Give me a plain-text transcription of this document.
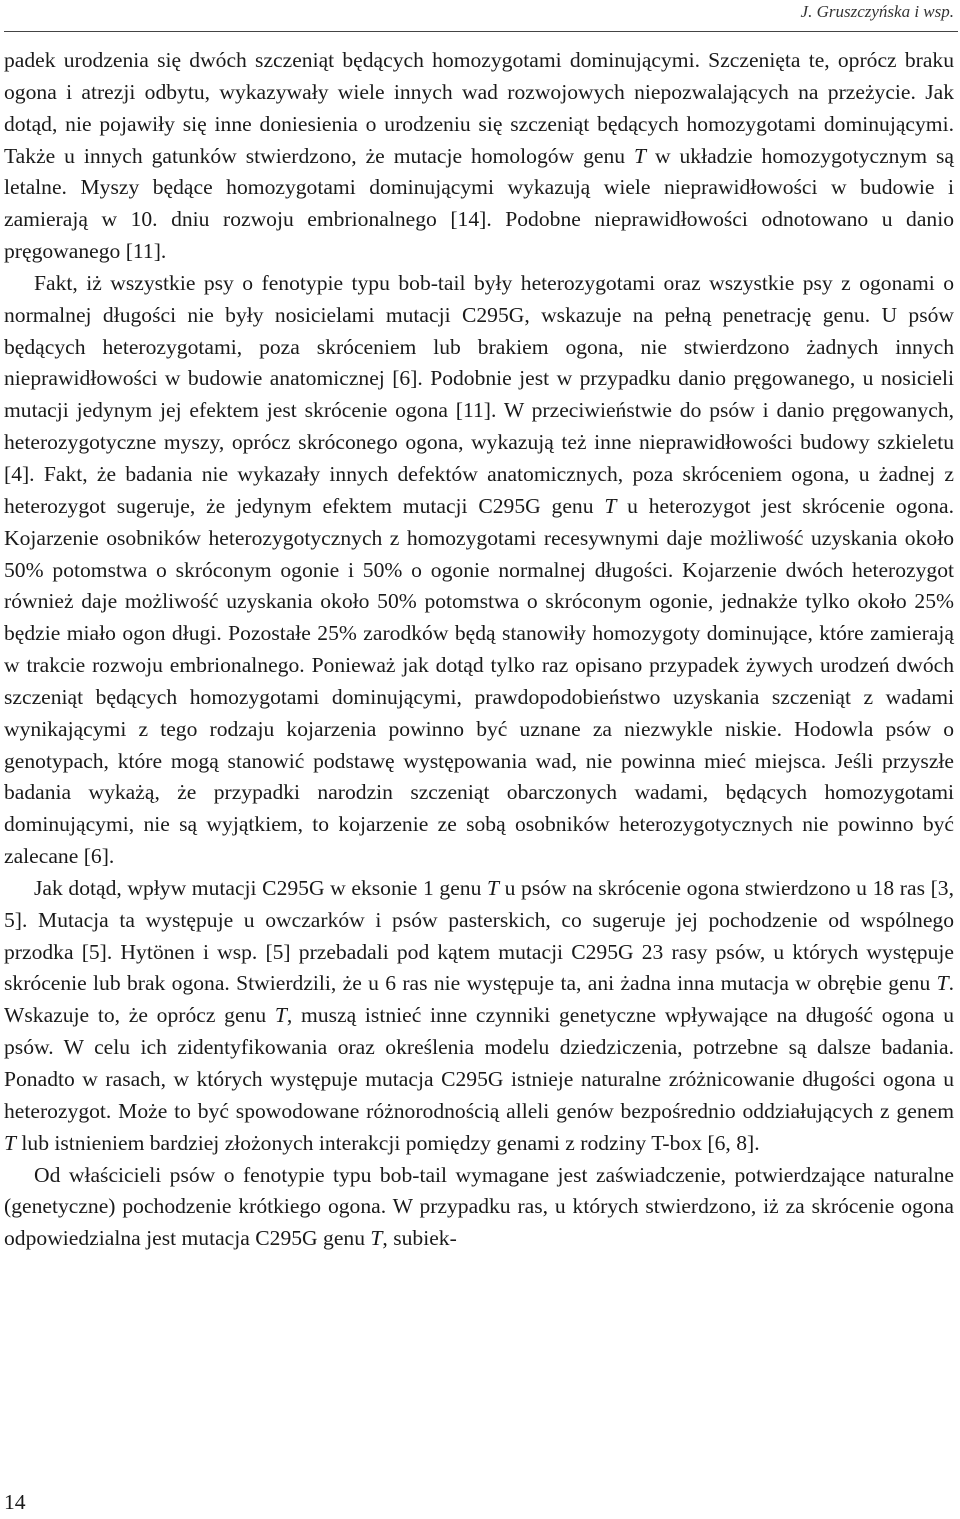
J. Gruszczyńska i wsp.

padek urodzenia się dwóch szczeniąt będących homozygotami dominującymi. Szczenięta te, oprócz braku ogona i atrezji odbytu, wykazywały wiele innych wad rozwojowych niepozwalających na przeżycie. Jak dotąd, nie pojawiły się inne doniesienia o urodzeniu się szczeniąt będących homozygotami dominującymi. Także u innych gatunków stwierdzono, że mutacje homologów genu T w układzie homozygotycznym są letalne. Myszy będące homozygotami dominującymi wykazują wiele nieprawidłowości w budowie i zamierają w 10. dniu rozwoju embrionalnego [14]. Podobne nieprawidłowości odnotowano u danio pręgowanego [11].

Fakt, iż wszystkie psy o fenotypie typu bob-tail były heterozygotami oraz wszystkie psy z ogonami o normalnej długości nie były nosicielami mutacji C295G, wskazuje na pełną penetrację genu. U psów będących heterozygotami, poza skróceniem lub brakiem ogona, nie stwierdzono żadnych innych nieprawidłowości w budowie anatomicznej [6]. Podobnie jest w przypadku danio pręgowanego, u nosicieli mutacji jedynym jej efektem jest skrócenie ogona [11]. W przeciwieństwie do psów i danio pręgowanych, heterozygotyczne myszy, oprócz skróconego ogona, wykazują też inne nieprawidłowości budowy szkieletu [4]. Fakt, że badania nie wykazały innych defektów anatomicznych, poza skróceniem ogona, u żadnej z heterozygot sugeruje, że jedynym efektem mutacji C295G genu T u heterozygot jest skrócenie ogona. Kojarzenie osobników heterozygotycznych z homozygotami recesywnymi daje możliwość uzyskania około 50% potomstwa o skróconym ogonie i 50% o ogonie normalnej długości. Kojarzenie dwóch heterozygot również daje możliwość uzyskania około 50% potomstwa o skróconym ogonie, jednakże tylko około 25% będzie miało ogon długi. Pozostałe 25% zarodków będą stanowiły homozygoty dominujące, które zamierają w trakcie rozwoju embrionalnego. Ponieważ jak dotąd tylko raz opisano przypadek żywych urodzeń dwóch szczeniąt będących homozygotami dominującymi, prawdopodobieństwo uzyskania szczeniąt z wadami wynikającymi z tego rodzaju kojarzenia powinno być uznane za niezwykle niskie. Hodowla psów o genotypach, które mogą stanowić podstawę występowania wad, nie powinna mieć miejsca. Jeśli przyszłe badania wykażą, że przypadki narodzin szczeniąt obarczonych wadami, będących homozygotami dominującymi, nie są wyjątkiem, to kojarzenie ze sobą osobników heterozygotycznych nie powinno być zalecane [6].

Jak dotąd, wpływ mutacji C295G w eksonie 1 genu T u psów na skrócenie ogona stwierdzono u 18 ras [3, 5]. Mutacja ta występuje u owczarków i psów pasterskich, co sugeruje jej pochodzenie od wspólnego przodka [5]. Hytönen i wsp. [5] przebadali pod kątem mutacji C295G 23 rasy psów, u których występuje skrócenie lub brak ogona. Stwierdzili, że u 6 ras nie występuje ta, ani żadna inna mutacja w obrębie genu T. Wskazuje to, że oprócz genu T, muszą istnieć inne czynniki genetyczne wpływające na długość ogona u psów. W celu ich zidentyfikowania oraz określenia modelu dziedziczenia, potrzebne są dalsze badania. Ponadto w rasach, w których występuje mutacja C295G istnieje naturalne zróżnicowanie długości ogona u heterozygot. Może to być spowodowane różnorodnością alleli genów bezpośrednio oddziałujących z genem T lub istnieniem bardziej złożonych interakcji pomiędzy genami z rodziny T-box [6, 8].

Od właścicieli psów o fenotypie typu bob-tail wymagane jest zaświadczenie, potwierdzające naturalne (genetyczne) pochodzenie krótkiego ogona. W przypadku ras, u których stwierdzono, iż za skrócenie ogona odpowiedzialna jest mutacja C295G genu T, subiek-

14
